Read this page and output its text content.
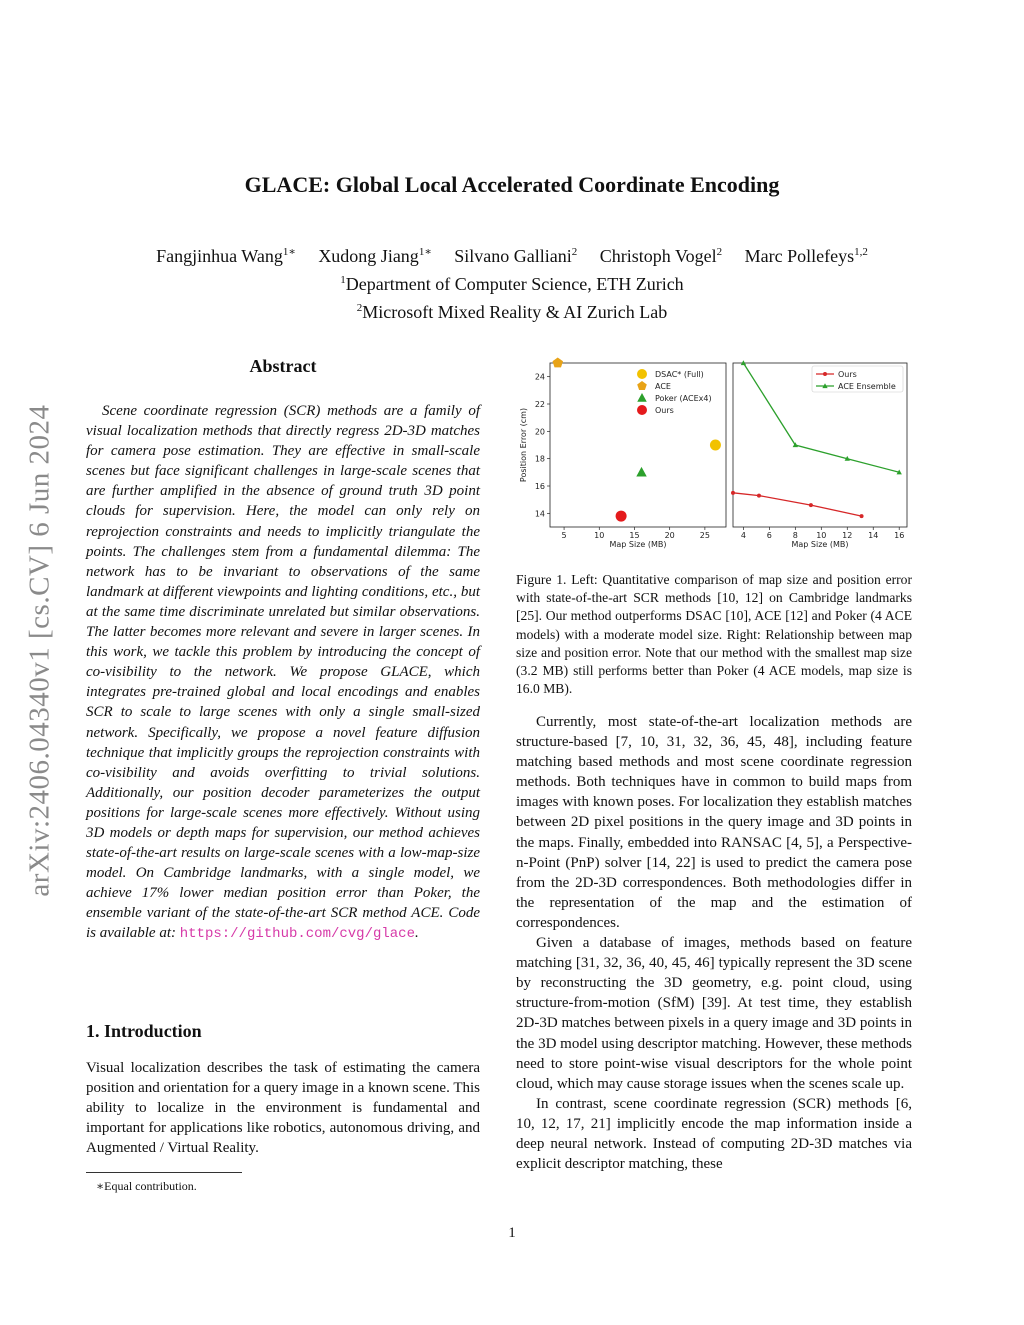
arXiv:2406.04340v1 [cs.CV] 6 Jun 2024
GLACE: Global Local Accelerated Coordinate Encoding
Fangjinhua Wang$^{1∗}$ Xudong Jiang$^{1∗}$ Silvano Galliani$^2$ Christoph Vogel$^2$ Marc Pollefeys$^{1,2}$
$^1$Department of Computer Science, ETH Zurich
$^2$Microsoft Mixed Reality & AI Zurich Lab
Abstract

Scene coordinate regression (SCR) methods are a family of visual localization methods that directly regress 2D-3D matches for camera pose estimation. They are effective in small-scale scenes but face significant challenges in large-scale scenes that are further amplified in the absence of ground truth 3D point clouds for supervision. Here, the model can only rely on reprojection constraints and needs to implicitly triangulate the points. The challenges stem from a fundamental dilemma: The network has to be invariant to observations of the same landmark at different viewpoints and lighting conditions, etc., but at the same time discriminate unrelated but similar observations. The latter becomes more relevant and severe in larger scenes. In this work, we tackle this problem by introducing the concept of co-visibility to the network. We propose GLACE, which integrates pre-trained global and local encodings and enables SCR to scale to large scenes with only a single small-sized network. Specifically, we propose a novel feature diffusion technique that implicitly groups the reprojection constraints with co-visibility and avoids overfitting to trivial solutions. Additionally, our position decoder parameterizes the output positions for large-scale scenes more effectively. Without using 3D models or depth maps for supervision, our method achieves state-of-the-art results on large-scale scenes with a low-map-size model. On Cambridge landmarks, with a single model, we achieve 17% lower median position error than Poker, the ensemble variant of the state-of-the-art SCR method ACE. Code is available at: https://github.com/cvg/glace.

1. Introduction

Visual localization describes the task of estimating the camera position and orientation for a query image in a known scene. This ability to localize in the environment is fundamental and important for applications like robotics, autonomous driving, and Augmented / Virtual Reality.

∗Equal contribution.
1
5	10	15	20	25
14
16
18
20
22
24
Map Size (MB)
Position Error (cm)
DSAC* (Full)
ACE
Poker (ACEx4)
Ours
4	6	8 10 12 14 16
Map Size (MB)
Ours
ACE Ensemble

Figure 1. Left: Quantitative comparison of map size and position error with state-of-the-art SCR methods [10, 12] on Cambridge landmarks [25]. Our method outperforms DSAC [10], ACE [12] and Poker (4 ACE models) with a moderate model size. Right: Relationship between map size and position error. Note that our method with the smallest map size (3.2 MB) still performs better than Poker (4 ACE models, map size is 16.0 MB).

Currently, most state-of-the-art localization methods are structure-based [7, 10, 31, 32, 36, 45, 48], including feature matching based methods and most scene coordinate regression methods. Both techniques have in common to build maps from images with known poses. For localization they establish matches between 2D pixel positions in the query image and 3D points in the maps. Finally, embedded into RANSAC [4, 5], a Perspective-n-Point (PnP) solver [14, 22] is used to predict the camera pose from the 2D-3D correspondences. Both methodologies differ in the representation of the map and the estimation of correspondences.

Given a database of images, methods based on feature matching [31, 32, 36, 40, 45, 46] typically represent the 3D scene by reconstructing the 3D geometry, e.g. point cloud, using structure-from-motion (SfM) [39]. At test time, they establish 2D-3D matches between pixels in a query image and 3D points in the 3D model using descriptor matching. However, these methods need to store point-wise visual descriptors for the whole point cloud, which may cause storage issues when the scenes scale up.

In contrast, scene coordinate regression (SCR) methods [6, 10, 12, 17, 21] implicitly encode the map information inside a deep neural network. Instead of computing 2D-3D matches via explicit descriptor matching, these
